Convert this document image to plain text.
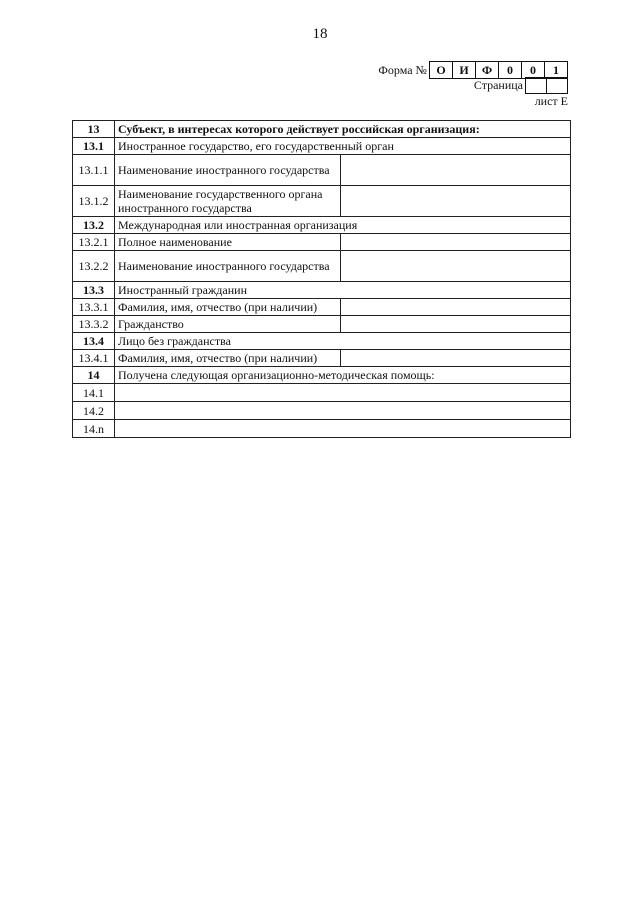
18
Форма № О	И	Ф	0	0	1
Страница
лист Е
13	Субъект, в интересах которого действует российская организация:	
13.1	Иностранное государство, его государственный орган	
13.1.1	Наименование иностранного государства	
13.1.2	Наименование государственного органа иностранного государства	
13.2	Международная или иностранная организация	
13.2.1	Полное наименование	
13.2.2	Наименование иностранного государства	
13.3	Иностранный гражданин	
13.3.1	Фамилия, имя, отчество (при наличии)	
13.3.2	Гражданство	
13.4	Лицо без гражданства	
13.4.1	Фамилия, имя, отчество (при наличии)	
14	Получена следующая организационно-методическая помощь:	
14.1		
14.2		
14.n		
